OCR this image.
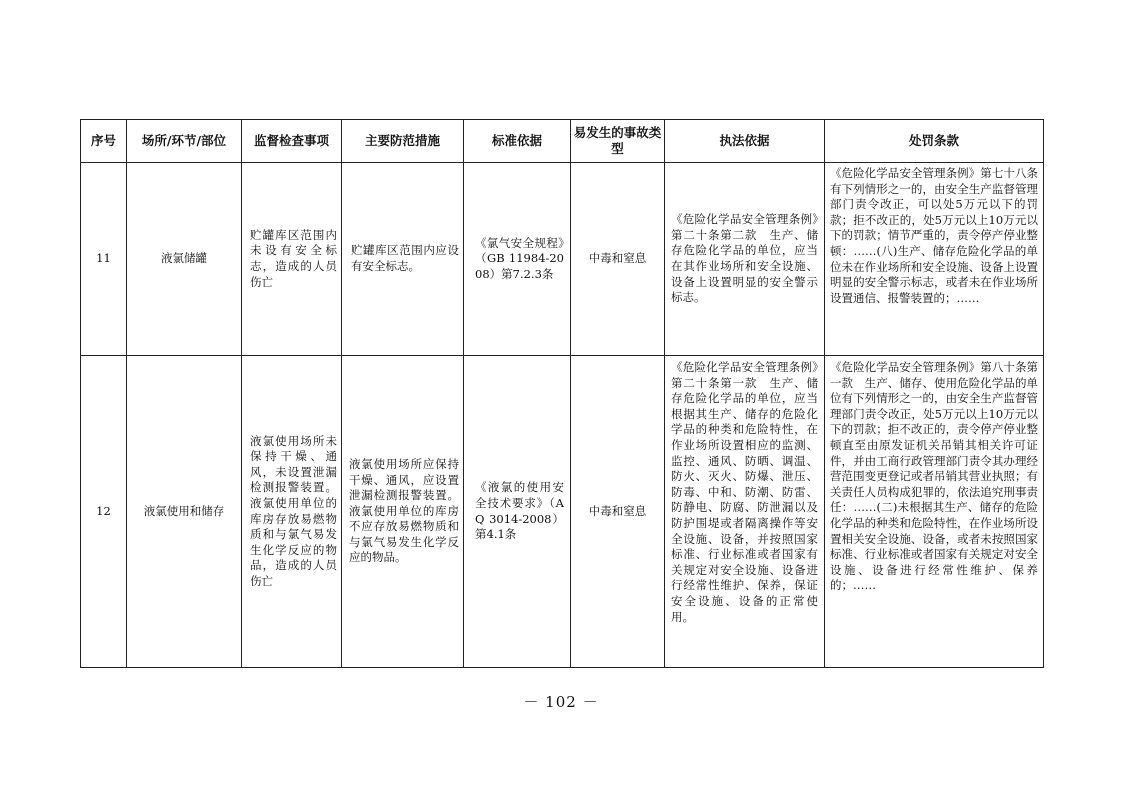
序号	场所/环节/部位	监督检查事项	主要防范措施	标准依据	易发生的事故类型	执法依据	处罚条款
11	液氯储罐	贮罐库区范围内未设有安全标志，造成的人员伤亡	贮罐库区范围内应设有安全标志。	《氯气安全规程》（GB 11984-2008）第7.2.3条	中毒和窒息	《危险化学品安全管理条例》第二十条第二款　生产、储存危险化学品的单位，应当在其作业场所和安全设施、设备上设置明显的安全警示标志。	《危险化学品安全管理条例》第七十八条　有下列情形之一的，由安全生产监督管理部门责令改正，可以处5万元以下的罚款；拒不改正的，处5万元以上10万元以下的罚款；情节严重的，责令停产停业整顿：……(八)生产、储存危险化学品的单位未在作业场所和安全设施、设备上设置明显的安全警示标志，或者未在作业场所设置通信、报警装置的；……
12	液氯使用和储存	液氯使用场所未保持干燥、通风，未设置泄漏检测报警装置。液氯使用单位的库房存放易燃物质和与氯气易发生化学反应的物品，造成的人员伤亡	液氯使用场所应保持干燥、通风，应设置泄漏检测报警装置。液氯使用单位的库房不应存放易燃物质和与氯气易发生化学反应的物品。	《液氯的使用安全技术要求》（AQ 3014-2008）第4.1条	中毒和窒息	《危险化学品安全管理条例》第二十条第一款　生产、储存危险化学品的单位，应当根据其生产、储存的危险化学品的种类和危险特性，在作业场所设置相应的监测、监控、通风、防晒、调温、防火、灭火、防爆、泄压、防毒、中和、防潮、防雷、防静电、防腐、防泄漏以及防护围堤或者隔离操作等安全设施、设备，并按照国家标准、行业标准或者国家有关规定对安全设施、设备进行经常性维护、保养，保证安全设施、设备的正常使用。	《危险化学品安全管理条例》第八十条第一款　生产、储存、使用危险化学品的单位有下列情形之一的，由安全生产监督管理部门责令改正，处5万元以上10万元以下的罚款；拒不改正的，责令停产停业整顿直至由原发证机关吊销其相关许可证件，并由工商行政管理部门责令其办理经营范围变更登记或者吊销其营业执照；有关责任人员构成犯罪的，依法追究刑事责任：……(二)未根据其生产、储存的危险化学品的种类和危险特性，在作业场所设置相关安全设施、设备，或者未按照国家标准、行业标准或者国家有关规定对安全设施、设备进行经常性维护、保养的；……
－ 102 －
